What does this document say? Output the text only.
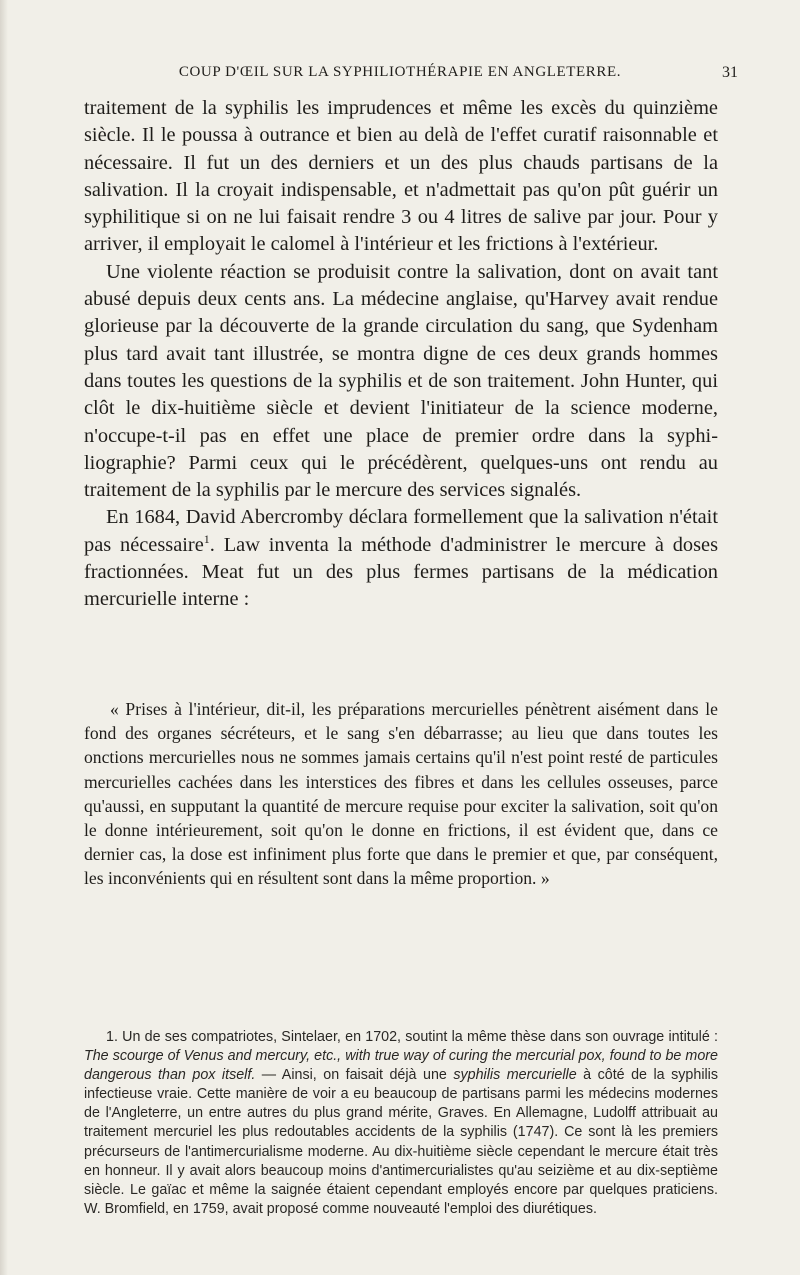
COUP D'ŒIL SUR LA SYPHILIOTHÉRAPIE EN ANGLETERRE.	31

traitement de la syphilis les imprudences et même les excès du quinzième siècle. Il le poussa à outrance et bien au delà de l'effet curatif raisonnable et nécessaire. Il fut un des derniers et un des plus chauds partisans de la salivation. Il la croyait indispensable, et n'admettait pas qu'on pût guérir un syphilitique si on ne lui faisait rendre 3 ou 4 litres de salive par jour. Pour y arriver, il employait le calomel à l'intérieur et les frictions à l'extérieur.

Une violente réaction se produisit contre la salivation, dont on avait tant abusé depuis deux cents ans. La médecine anglaise, qu'Harvey avait rendue glorieuse par la découverte de la grande circulation du sang, que Sydenham plus tard avait tant illustrée, se montra digne de ces deux grands hommes dans toutes les questions de la syphilis et de son traitement. John Hunter, qui clôt le dix-huitième siècle et devient l'initiateur de la science moderne, n'occupe-t-il pas en effet une place de premier ordre dans la syphi-liographie? Parmi ceux qui le précédèrent, quelques-uns ont rendu au traitement de la syphilis par le mercure des services signalés.

En 1684, David Abercromby déclara formellement que la salivation n'était pas nécessaire$^1$. Law inventa la méthode d'administrer le mercure à doses fractionnées. Meat fut un des plus fermes partisans de la médication mercurielle interne :

« Prises à l'intérieur, dit-il, les préparations mercurielles pénètrent aisément dans le fond des organes sécréteurs, et le sang s'en débarrasse; au lieu que dans toutes les onctions mercurielles nous ne sommes jamais certains qu'il n'est point resté de particules mercurielles cachées dans les interstices des fibres et dans les cellules osseuses, parce qu'aussi, en supputant la quantité de mercure requise pour exciter la salivation, soit qu'on le donne intérieurement, soit qu'on le donne en frictions, il est évident que, dans ce dernier cas, la dose est infiniment plus forte que dans le premier et que, par conséquent, les inconvénients qui en résultent sont dans la même proportion. »

1. Un de ses compatriotes, Sintelaer, en 1702, soutint la même thèse dans son ouvrage intitulé : The scourge of Venus and mercury, etc., with true way of curing the mercurial pox, found to be more dangerous than pox itself. — Ainsi, on faisait déjà une syphilis mercurielle à côté de la syphilis infectieuse vraie. Cette manière de voir a eu beaucoup de partisans parmi les médecins modernes de l'Angleterre, un entre autres du plus grand mérite, Graves. En Allemagne, Ludolff attribuait au traitement mercuriel les plus redoutables accidents de la syphilis (1747). Ce sont là les premiers précurseurs de l'antimercurialisme moderne. Au dix-huitième siècle cependant le mercure était très en honneur. Il y avait alors beaucoup moins d'antimercurialistes qu'au seizième et au dix-septième siècle. Le gaïac et même la saignée étaient cependant employés encore par quelques praticiens. W. Bromfield, en 1759, avait proposé comme nouveauté l'emploi des diurétiques.
